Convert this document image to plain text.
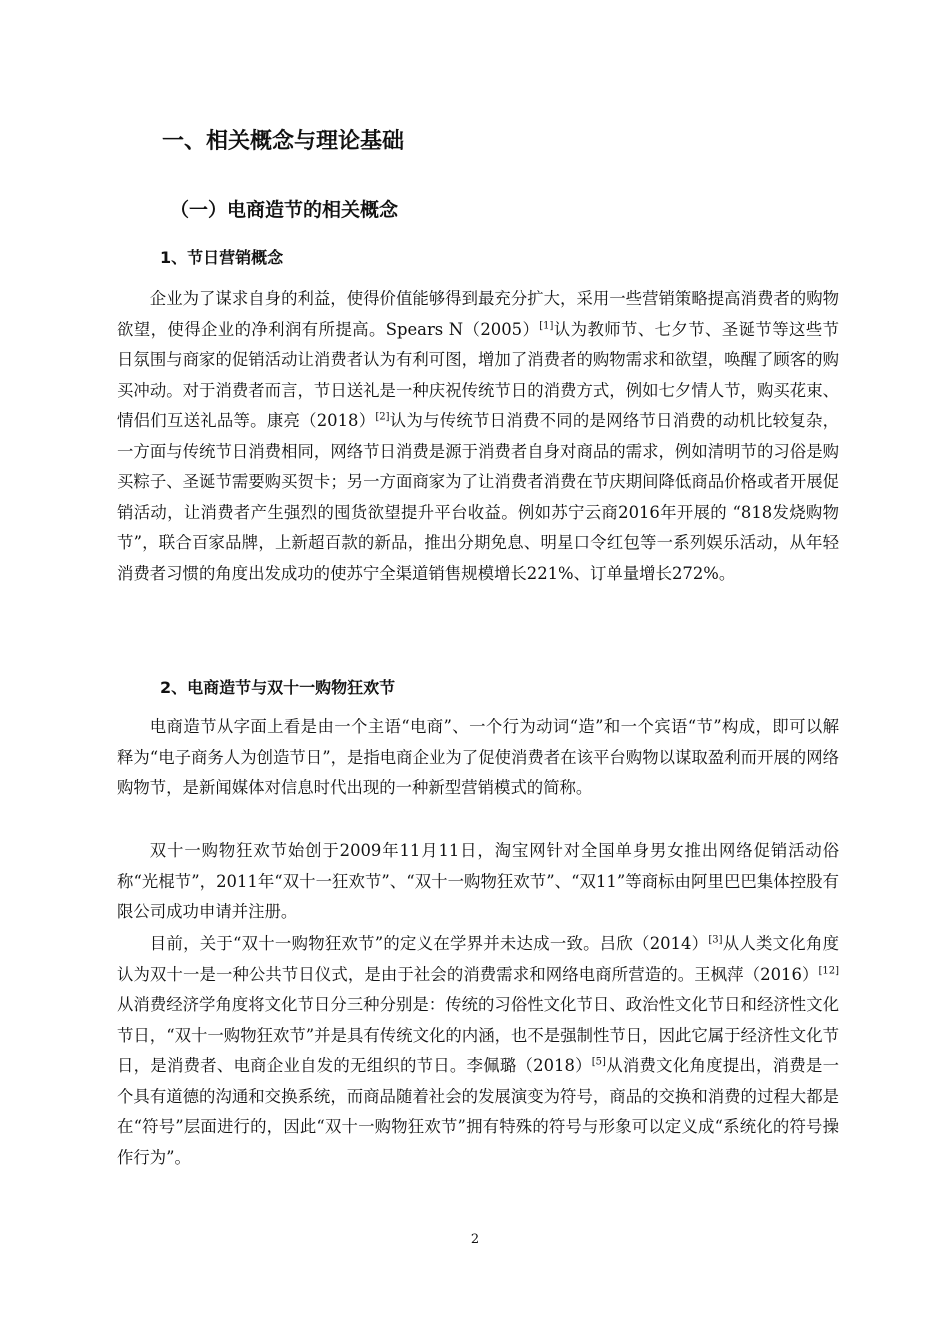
一、相关概念与理论基础
（一）电商造节的相关概念
1、节日营销概念

企业为了谋求自身的利益，使得价值能够得到最充分扩大，采用一些营销策略提高消费者的购物欲望，使得企业的净利润有所提高。Spears N（2005）[1]认为教师节、七夕节、圣诞节等这些节日氛围与商家的促销活动让消费者认为有利可图，增加了消费者的购物需求和欲望，唤醒了顾客的购买冲动。对于消费者而言，节日送礼是一种庆祝传统节日的消费方式，例如七夕情人节，购买花束、情侣们互送礼品等。康亮（2018）[2]认为与传统节日消费不同的是网络节日消费的动机比较复杂，一方面与传统节日消费相同，网络节日消费是源于消费者自身对商品的需求，例如清明节的习俗是购买粽子、圣诞节需要购买贺卡；另一方面商家为了让消费者消费在节庆期间降低商品价格或者开展促销活动，让消费者产生强烈的囤货欲望提升平台收益。例如苏宁云商2016年开展的 “818发烧购物节”，联合百家品牌，上新超百款的新品，推出分期免息、明星口令红包等一系列娱乐活动，从年轻消费者习惯的角度出发成功的使苏宁全渠道销售规模增长221%、订单量增长272%。

2、电商造节与双十一购物狂欢节

电商造节从字面上看是由一个主语“电商”、一个行为动词“造”和一个宾语“节”构成，即可以解释为“电子商务人为创造节日”，是指电商企业为了促使消费者在该平台购物以谋取盈利而开展的网络购物节，是新闻媒体对信息时代出现的一种新型营销模式的简称。

双十一购物狂欢节始创于2009年11月11日，淘宝网针对全国单身男女推出网络促销活动俗称“光棍节”，2011年“双十一狂欢节”、“双十一购物狂欢节”、“双11”等商标由阿里巴巴集体控股有限公司成功申请并注册。

目前，关于“双十一购物狂欢节”的定义在学界并未达成一致。吕欣（2014）[3]从人类文化角度认为双十一是一种公共节日仪式，是由于社会的消费需求和网络电商所营造的。王枫萍（2016）[12]从消费经济学角度将文化节日分三种分别是：传统的习俗性文化节日、政治性文化节日和经济性文化节日，“双十一购物狂欢节”并是具有传统文化的内涵，也不是强制性节日，因此它属于经济性文化节日，是消费者、电商企业自发的无组织的节日。李佩璐（2018）[5]从消费文化角度提出，消费是一个具有道德的沟通和交换系统，而商品随着社会的发展演变为符号，商品的交换和消费的过程大都是在“符号”层面进行的，因此“双十一购物狂欢节”拥有特殊的符号与形象可以定义成“系统化的符号操作行为”。

2
